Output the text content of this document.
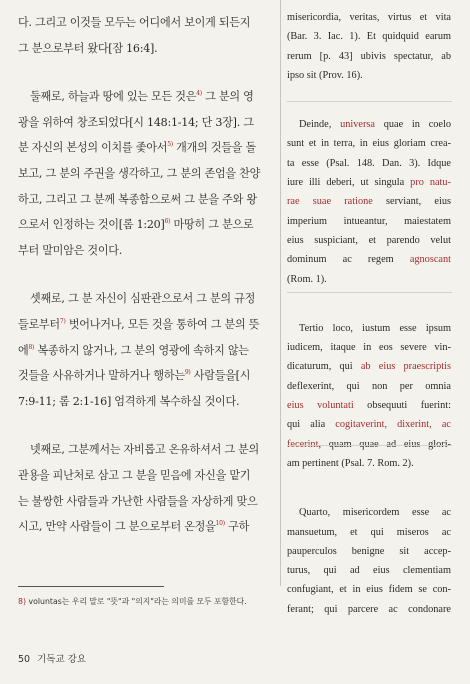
다. 그리고 이것들 모두는 어디에서 보이게 되든지
그 분으로부터 왔다[잠 16:4].
둘째로, 하늘과 땅에 있는 모든 것은$^{4)}$ 그 분의 영
광을 위하여 창조되었다[시 148:1-14; 단 3장]. 그
분 자신의 본성의 이치를 좇아서$^{5)}$ 개개의 것들을 돌
보고, 그 분의 주권을 생각하고, 그 분의 존엄을 찬양
하고, 그리고 그 분께 복종함으로써 그 분을 주와 왕
으로서 인정하는 것이[롬 1:20]$^{6)}$ 마땅히 그 분으로
부터 말미암은 것이다.
셋째로, 그 분 자신이 심판관으로서 그 분의 규정
들로부터$^{7)}$ 벗어나거나, 모든 것을 통하여 그 분의 뜻
에$^{8)}$ 복종하지 않거나, 그 분의 영광에 속하지 않는
것들을 사유하거나 말하거나 행하는$^{9)}$ 사람들을[시
7:9-11; 롬 2:1-16] 엄격하게 복수하실 것이다.
넷째로, 그분께서는 자비롭고 온유하셔서 그 분의
관용을 피난처로 삼고 그 분을 믿음에 자신을 맡기
는 불쌍한 사람들과 가난한 사람들을 자상하게 맞으
시고, 만약 사람들이 그 분으로부터 온정을$^{10)}$ 구하
misericordia, veritas, virtus et vita
(Bar. 3. Iac. 1). Et quidquid earum
rerum [p. 43] ubivis spectatur, ab
ipso sit (Prov. 16).
Deinde, universa quae in coelo
sunt et in terra, in eius gloriam crea-
ta esse (Psal. 148. Dan. 3). Idque
iure illi deberi, ut singula pro natu-
rae suae ratione serviant, eius
imperium intueantur, maiestatem
eius suspiciant, et parendo velut
dominum ac regem agnoscant
(Rom. 1).
Tertio loco, iustum esse ipsum
iudicem, itaque in eos severe vin-
dicaturum, qui ab eius praescriptis
deflexerint, qui non per omnia
eius voluntati obsequuti fuerint:
qui alia cogitaverint, dixerint, ac
am pertinent (Psal. 7. Rom. 2).
Quarto, misericordem esse ac
mansuetum, et qui miseros ac
pauperculos benigne sit accep-
turus, qui ad eius clementiam
confugiant, et in eius fidem se con-
ferant; qui parcere ac condonare
8) voluntas는 우리 말로 "뜻"과 "의지"라는 의미를 모두 포함한다.
50 기독교 강요
